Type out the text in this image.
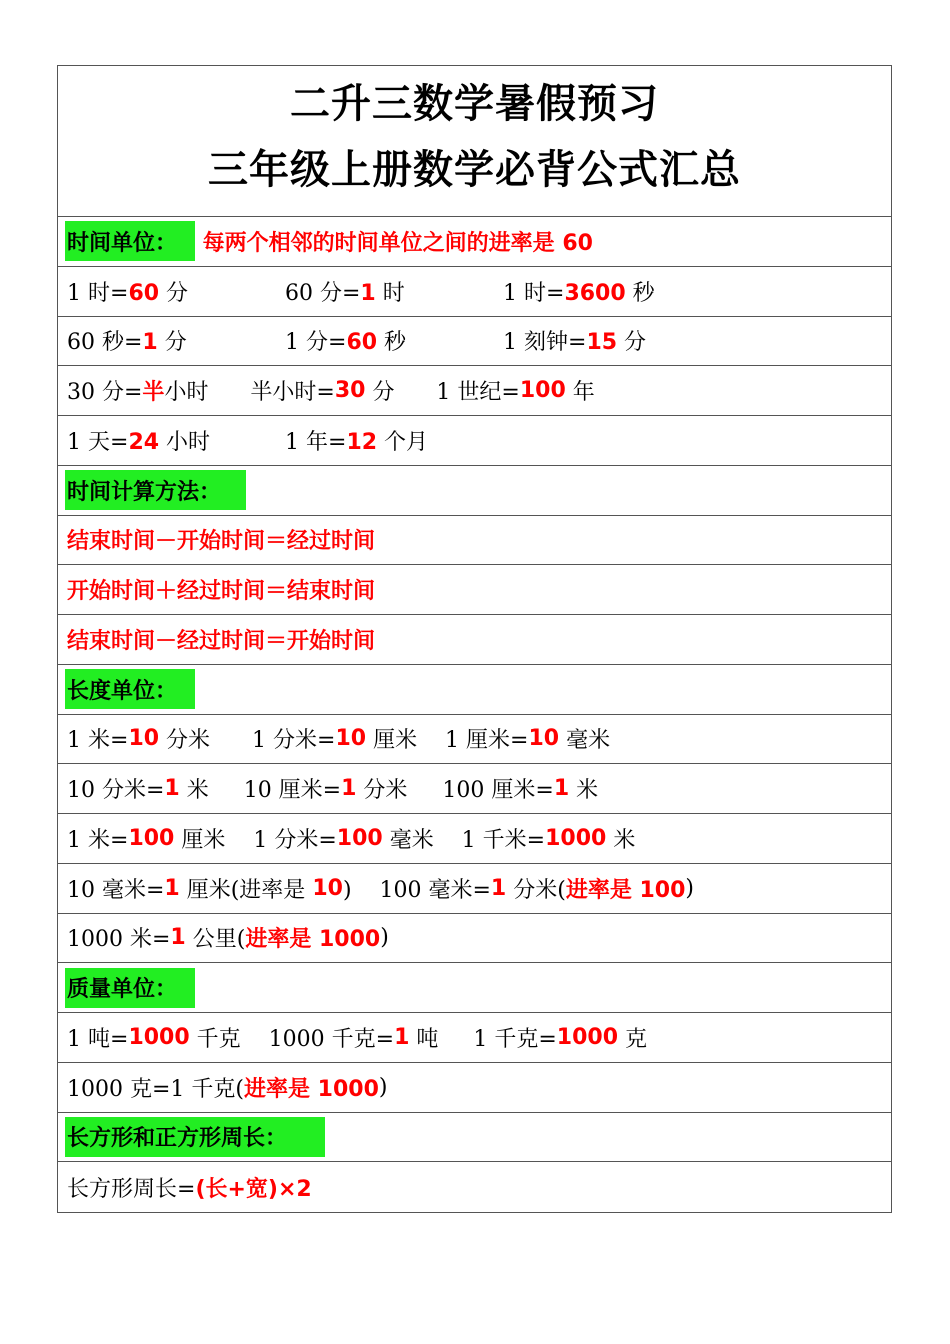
二升三数学暑假预习
三年级上册数学必背公式汇总
时间单位： 每两个相邻的时间单位之间的进率是 60
1 时=60 分	60 分=1 时	1 时=3600 秒
60 秒=1 分	1 分=60 秒	1 刻钟=15 分
30 分= 半 小时      半小时= 30 分      1 世纪= 100 年
1 天=24 小时	1 年=12 个月
时间计算方法：
结束时间－开始时间＝经过时间
开始时间＋经过时间＝结束时间
结束时间－经过时间＝开始时间
长度单位：
1 米= 10 分米      1 分米= 10 厘米    1 厘米= 10 毫米
10 分米= 1 米     10 厘米= 1 分米     100 厘米= 1 米
1 米= 100 厘米    1 分米= 100 毫米    1 千米= 1000 米
10 毫米= 1 厘米(进率是 10 )    100 毫米= 1 分米( 进率是 100 )
1000 米= 1 公里( 进率是 1000 )
质量单位：
1 吨= 1000 千克    1000 千克= 1 吨     1 千克= 1000 克
1000 克=1 千克( 进率是 1000 )
长方形和正方形周长：
长方形周长= (长+宽)×2
